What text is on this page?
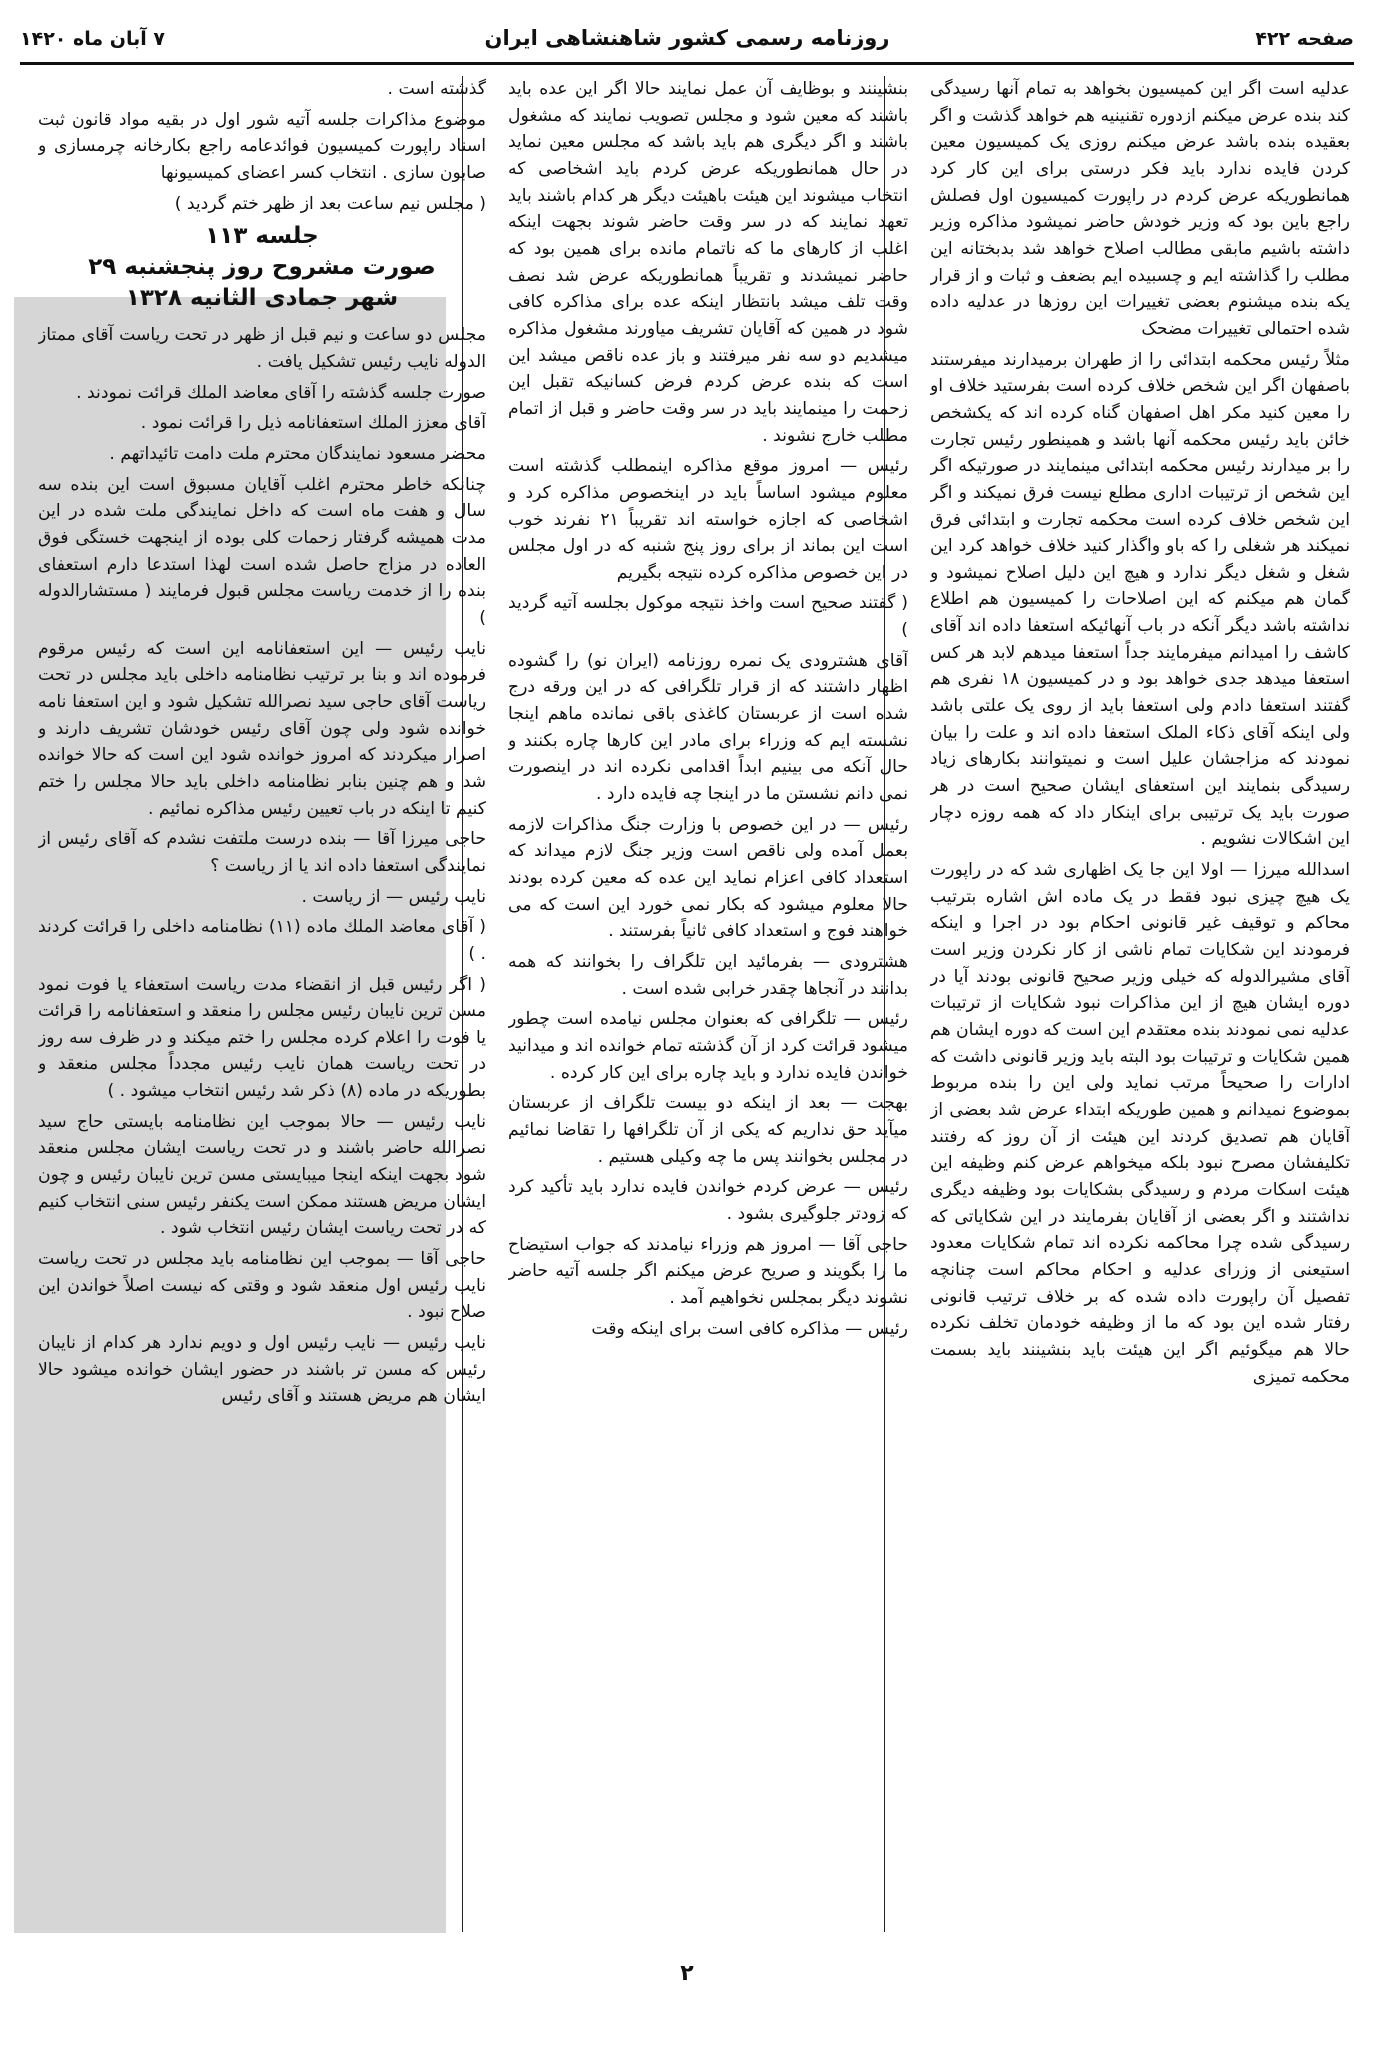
صفحه ۴۲۲
روزنامه رسمی کشور شاهنشاهی ایران
۷ آبان ماه ۱۴۲۰

عدلیه است اگر این کمیسیون بخواهد به تمام آنها رسیدگی کند بنده عرض میکنم ازدوره تقنینیه هم خواهد گذشت و اگر بعقیده بنده باشد عرض میکنم روزی یک کمیسیون معین کردن فایده ندارد باید فکر درستی برای این کار کرد همانطوریکه عرض کردم در راپورت کمیسیون اول فصلش راجع باین بود که وزیر خودش حاضر نمیشود مذاکره وزیر داشته باشیم مابقی مطالب اصلاح خواهد شد بدبختانه این مطلب را گذاشته ایم و چسبیده ایم بضعف و ثبات و از قرار یکه بنده میشنوم بعضی تغییرات این روزها در عدلیه داده شده احتمالی تغییرات مضحک

مثلاً رئیس محکمه ابتدائی را از طهران برمیدارند میفرستند باصفهان اگر این شخص خلاف کرده است بفرستید خلاف او را معین کنید مکر اهل اصفهان گناه کرده اند که یکشخص خائن باید رئیس محکمه آنها باشد و همینطور رئیس تجارت را بر میدارند رئیس محکمه ابتدائی مینمایند در صورتیکه اگر این شخص از ترتیبات اداری مطلع نیست فرق نمیکند و اگر این شخص خلاف کرده است محکمه تجارت و ابتدائی فرق نمیکند هر شغلی را که باو واگذار کنید خلاف خواهد کرد این شغل و شغل دیگر ندارد و هیچ این دلیل اصلاح نمیشود و گمان هم میکنم که این اصلاحات را کمیسیون هم اطلاع نداشته باشد دیگر آنکه در باب آنهائیکه استعفا داده اند آقای کاشف را امیدانم میفرمایند جداً استعفا میدهم لابد هر کس استعفا میدهد جدی خواهد بود و در کمیسیون ۱۸ نفری هم گفتند استعفا دادم ولی استعفا باید از روی یک علتی باشد ولی اینکه آقای ذکاء الملک استعفا داده اند و علت را بیان نمودند که مزاجشان علیل است و نمیتوانند بکارهای زیاد رسیدگی بنمایند این استعفای ایشان صحیح است در هر صورت باید یک ترتیبی برای اینکار داد که همه روزه دچار این اشکالات نشویم .

اسدالله میرزا — اولا این جا یک اظهاری شد که در راپورت یک هیچ چیزی نبود فقط در یک ماده اش اشاره بترتیب محاکم و توقیف غیر قانونی احکام بود در اجرا و اینکه فرمودند این شکایات تمام ناشی از کار نکردن وزیر است آقای مشیرالدوله که خیلی وزیر صحیح قانونی بودند آیا در دوره ایشان هیچ از این مذاکرات نبود شکایات از ترتیبات عدلیه نمی نمودند بنده معتقدم این است که دوره ایشان هم همین شکایات و ترتیبات بود البته باید وزیر قانونی داشت که ادارات را صحیحاً مرتب نماید ولی این را بنده مربوط بموضوع نمیدانم و همین طوریکه ابتداء عرض شد بعضی از آقایان هم تصدیق کردند این هیئت از آن روز که رفتند تکلیفشان مصرح نبود بلکه میخواهم عرض کنم وظیفه این هیئت اسکات مردم و رسیدگی بشکایات بود وظیفه دیگری نداشتند و اگر بعضی از آقایان بفرمایند در این شکایاتی که رسیدگی شده چرا محاکمه نکرده اند تمام شکایات معدود استیعنی از وزرای عدلیه و احکام محاکم است چنانچه تفصیل آن راپورت داده شده که بر خلاف ترتیب قانونی رفتار شده این بود که ما از وظیفه خودمان تخلف نکرده حالا هم میگوئیم اگر این هیئت باید بنشینند باید بسمت محکمه تمیزی

بنشینند و بوظایف آن عمل نمایند حالا اگر این عده باید باشند که معین شود و مجلس تصویب نمایند که مشغول باشند و اگر دیگری هم باید باشد که مجلس معین نماید در حال همانطوریکه عرض کردم باید اشخاصی که انتخاب میشوند این هیئت باهیئت دیگر هر کدام باشند باید تعهد نمایند که در سر وقت حاضر شوند بجهت اینکه اغلب از کارهای ما که ناتمام مانده برای همین بود که حاضر نمیشدند و تقریباً همانطوریکه عرض شد نصف وقت تلف میشد بانتظار اینکه عده برای مذاکره کافی شود در همین که آقایان تشریف میاورند مشغول مذاکره میشدیم دو سه نفر میرفتند و باز عده ناقص میشد این است که بنده عرض کردم فرض کسانیکه تقبل این زحمت را مینمایند باید در سر وقت حاضر و قبل از اتمام مطلب خارج نشوند .

رئیس — امروز موقع مذاکره اینمطلب گذشته است معلوم میشود اساساً باید در اینخصوص مذاکره کرد و اشخاصی که اجازه خواسته اند تقریباً ۲۱ نفرند خوب است این بماند از برای روز پنج شنبه که در اول مجلس در این خصوص مذاکره کرده نتیجه بگیریم

( گفتند صحیح است واخذ نتیجه موکول بجلسه آتیه گردید )

آقای هشترودی یک نمره روزنامه (ایران نو) را گشوده اظهار داشتند که از قرار تلگرافی که در این ورقه درج شده است از عربستان کاغذی باقی نمانده ماهم اینجا نشسته ایم که وزراء برای مادر این کارها چاره بکنند و حال آنکه می بینیم ابداً اقدامی نکرده اند در اینصورت نمی دانم نشستن ما در اینجا چه فایده دارد .

رئیس — در این خصوص با وزارت جنگ مذاکرات لازمه بعمل آمده ولی ناقص است وزیر جنگ لازم میداند که استعداد کافی اعزام نماید این عده که معین کرده بودند حالا معلوم میشود که بکار نمی خورد این است که می خواهند فوج و استعداد کافی ثانیاً بفرستند .

هشترودی — بفرمائید این تلگراف را بخوانند که همه بدانند در آنجاها چقدر خرابی شده است .

رئیس — تلگرافی که بعنوان مجلس نیامده است چطور میشود قرائت کرد از آن گذشته تمام خوانده اند و میدانید خواندن فایده ندارد و باید چاره برای این کار کرده .

بهجت — بعد از اینکه دو بیست تلگراف از عربستان میآید حق نداریم که یکی از آن تلگرافها را تقاضا نمائیم در مجلس بخوانند پس ما چه وکیلی هستیم .

رئیس — عرض کردم خواندن فایده ندارد باید تأکید کرد که زودتر جلوگیری بشود .

حاجی آقا — امروز هم وزراء نیامدند که جواب استیضاح ما را بگویند و صریح عرض میکنم اگر جلسه آتیه حاضر نشوند دیگر بمجلس نخواهیم آمد .

رئیس — مذاکره کافی است برای اینکه وقت

گذشته است .

موضوع مذاکرات جلسه آتیه شور اول در بقیه مواد قانون ثبت اسناد راپورت کمیسیون فوائدعامه راجع بکارخانه چرمسازی و صابون سازی . انتخاب کسر اعضای کمیسیونها

( مجلس نیم ساعت بعد از ظهر ختم گردید )

جلسه ۱۱۳
صورت مشروح روز پنجشنبه ۲۹
شهر جمادی الثانیه ۱۳۲۸

مجلس دو ساعت و نیم قبل از ظهر در تحت ریاست آقای ممتاز الدوله نایب رئیس تشکیل یافت .

صورت جلسه گذشته را آقای معاضد الملك قرائت نمودند .

آقای معزز الملك استعفانامه ذیل را قرائت نمود .

محضر مسعود نمایندگان محترم ملت دامت تائیداتهم .

چنانکه خاطر محترم اغلب آقایان مسبوق است این بنده سه سال و هفت ماه است که داخل نمایندگی ملت شده در این مدت همیشه گرفتار زحمات کلی بوده از اینجهت خستگی فوق العاده در مزاج حاصل شده است لهذا استدعا دارم استعفای بنده را از خدمت ریاست مجلس قبول فرمایند ( مستشارالدوله )

نایب رئیس — این استعفانامه این است که رئیس مرقوم فرموده اند و بنا بر ترتیب نظامنامه داخلی باید مجلس در تحت ریاست آقای حاجی سید نصرالله تشکیل شود و این استعفا نامه خوانده شود ولی چون آقای رئیس خودشان تشریف دارند و اصرار میکردند که امروز خوانده شود این است که حالا خوانده شد و هم چنین بنابر نظامنامه داخلی باید حالا مجلس را ختم کنیم تا اینکه در باب تعیین رئیس مذاکره نمائیم .

حاجی میرزا آقا — بنده درست ملتفت نشدم که آقای رئیس از نمایندگی استعفا داده اند یا از ریاست ؟

نایب رئیس — از ریاست .

( آقای معاضد الملك ماده (۱۱) نظامنامه داخلی را قرائت کردند . )

( اگر رئیس قبل از انقضاء مدت ریاست استعفاء یا فوت نمود مسن ترین نایبان رئیس مجلس را منعقد و استعفانامه را قرائت یا فوت را اعلام کرده مجلس را ختم میکند و در ظرف سه روز در تحت ریاست همان نایب رئیس مجدداً مجلس منعقد و بطوریکه در ماده (۸) ذکر شد رئیس انتخاب میشود . )

نایب رئیس — حالا بموجب این نظامنامه بایستی حاج سید نصرالله حاضر باشند و در تحت ریاست ایشان مجلس منعقد شود بجهت اینکه اینجا میبایستی مسن ترین نایبان رئیس و چون ایشان مریض هستند ممکن است یکنفر رئیس سنی انتخاب کنیم که در تحت ریاست ایشان رئیس انتخاب شود .

حاجی آقا — بموجب این نظامنامه باید مجلس در تحت ریاست نایب رئیس اول منعقد شود و وقتی که نیست اصلاً خواندن این صلاح نبود .

نایب رئیس — نایب رئیس اول و دویم ندارد هر کدام از نایبان رئیس که مسن تر باشند در حضور ایشان خوانده میشود حالا ایشان هم مریض هستند و آقای رئیس

۲
